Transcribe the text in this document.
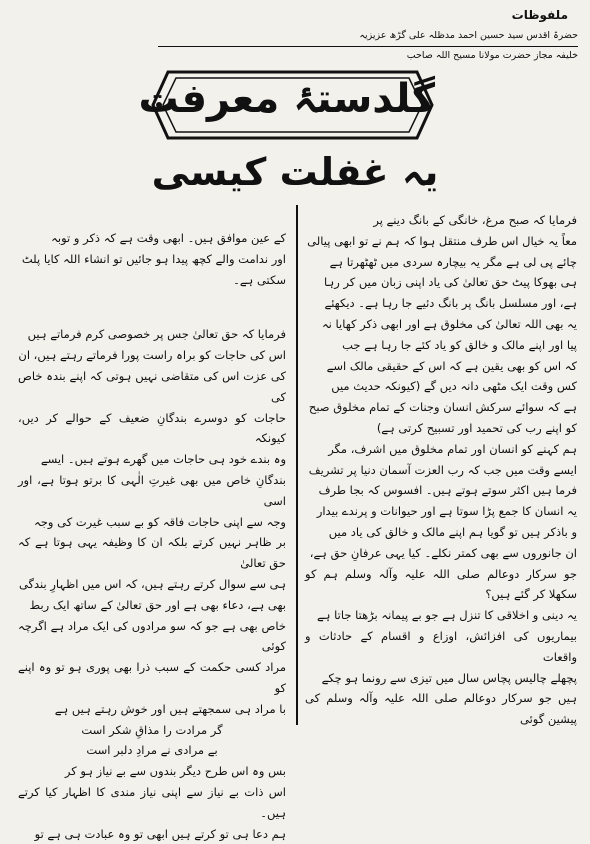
ملفوظات
حضرۃ اقدس سید حسین احمد مدظلہ علی گڑھ عزیزیہ
خلیفہ مجاز حضرت مولانا مسیح اللہ صاحب
گلدستۂ معرفت
یہ غفلت کیسی

فرمایا کہ صبح مرغ، خانگی کے بانگ دینے پر

معاً یہ خیال اس طرف منتقل ہوا کہ ہم نے تو ابھی پیالی

چائے پی لی ہے مگر یہ بیچارہ سردی میں ٹھٹھرتا ہے

ہی بھوکا پیٹ حق تعالیٰ کی یاد اپنی زبان میں کر رہا

ہے، اور مسلسل بانگ پر بانگ دئیے جا رہا ہے۔ دیکھئے

یہ بھی اللہ تعالیٰ کی مخلوق ہے اور ابھی ذکر کھایا نہ

پیا اور اپنے مالک و خالق کو یاد کئے جا رہا ہے جب

کہ اس کو بھی یقین ہے کہ اس کے حقیقی مالک اسے

کس وقت ایک مٹھی دانہ دیں گے (کیونکہ حدیث میں

ہے کہ سوائے سرکش انسان وجنات کے تمام مخلوق صبح

کو اپنے رب کی تحمید اور تسبیح کرتی ہے)

ہم کہنے کو انسان اور تمام مخلوق میں اشرف، مگر

ایسے وقت میں جب کہ رب العزت آسمان دنیا پر تشریف

فرما ہیں اکثر سوتے ہوتے ہیں۔ افسوس کہ بجا طرف

یہ انسان کا جمع پڑا سوتا ہے اور حیوانات و پرندے بیدار

و باذکر ہیں تو گویا ہم اپنے مالک و خالق کی یاد میں

ان جانوروں سے بھی کمتر نکلے۔ کیا یہی عرفانِ حق ہے،

جو سرکار دوعالم صلی اللہ علیہ وآلہ وسلم ہم کو سکھلا کر گئے ہیں؟

یہ دینی و اخلاقی کا تنزل ہے جو بے پیمانہ بڑھتا جاتا ہے

بیماریوں کی افزائش، اوزاع و اقسام کے حادثات و واقعات

پچھلے چالیس پچاس سال میں تیزی سے رونما ہو چکے

ہیں جو سرکار دوعالم صلی اللہ علیہ وآلہ وسلم کی پیشین گوئی

کے عین موافق ہیں۔ ابھی وقت ہے کہ ذکر و توبہ

اور ندامت والے کچھ پیدا ہو جائیں تو انشاء اللہ کایا پلٹ

سکتی ہے۔

فرمایا کہ حق تعالیٰ جس پر خصوصی کرم فرماتے ہیں

اس کی حاجات کو براہ راست پورا فرماتے رہتے ہیں، ان

کی عزت اس کی متقاضی نہیں ہوتی کہ اپنے بندہ خاص کی

حاجات کو دوسرے بندگانِ ضعیف کے حوالے کر دیں، کیونکہ

وہ بندے خود ہی حاجات میں گھرے ہوتے ہیں۔ ایسے

بندگانِ خاص میں بھی غیرتِ الٰہی کا برتو ہوتا ہے، اور اسی

وجہ سے اپنی حاجات فاقہ کو بے سبب غیرت کی وجہ

بر ظاہر نہیں کرتے بلکہ ان کا وظیفہ یہی ہوتا ہے کہ حق تعالیٰ

ہی سے سوال کرتے رہتے ہیں، کہ اس میں اظہارِ بندگی

بھی ہے، دعاء بھی ہے اور حق تعالیٰ کے ساتھ ایک ربط

خاص بھی ہے جو کہ سو مرادوں کی ایک مراد ہے اگرچہ کوئی

مراد کسی حکمت کے سبب ذرا بھی پوری ہو تو وہ اپنے کو

با مراد ہی سمجھتے ہیں اور خوش رہتے ہیں ہے

گر مرادت را مذاقِ شکر است

بے مرادی نے مرادِ دلبر است

بس وہ اس طرح دیگر بندوں سے بے نیاز ہو کر

اس ذات بے نیاز سے اپنی نیاز مندی کا اظہار کیا کرتے ہیں۔

ہم دعا ہی تو کرتے ہیں ابھی تو وہ عبادت ہی ہے تو
